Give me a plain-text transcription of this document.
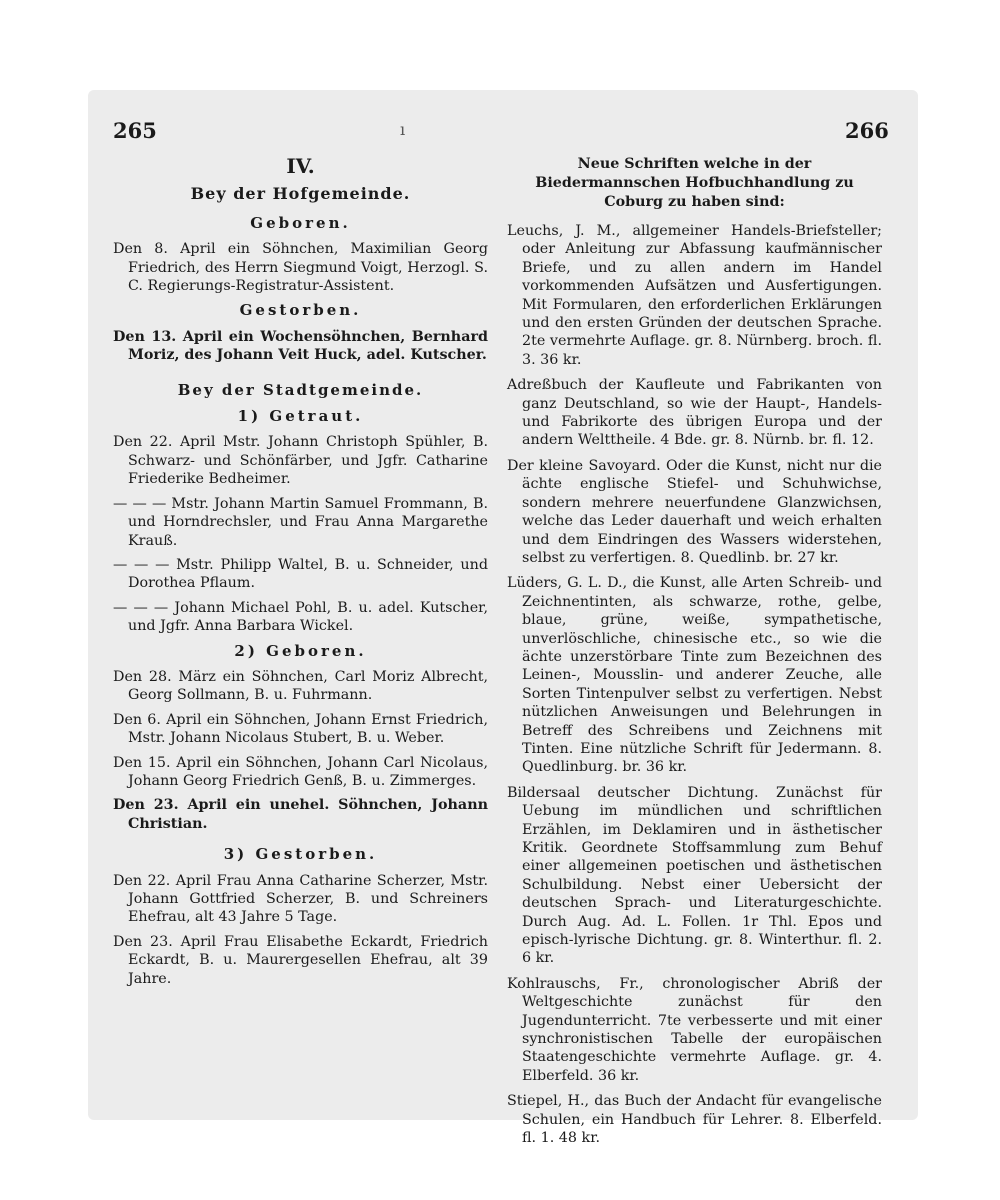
265	ı	266
IV.
Bey der Hofgemeinde.
Geboren.
Den 8. April ein Söhnchen, Maximilian Georg Friedrich, des Herrn Siegmund Voigt, Herzogl. S. C. Regierungs-Registratur-Assistent.
Gestorben.
Den 13. April ein Wochensöhnchen, Bernhard Moriz, des Johann Veit Huck, adel. Kutscher.
Bey der Stadtgemeinde.
1) Getraut.
Den 22. April Mstr. Johann Christoph Spühler, B. Schwarz- und Schönfärber, und Jgfr. Catharine Friederike Bedheimer.
— — — Mstr. Johann Martin Samuel Frommann, B. und Horndrechsler, und Frau Anna Margarethe Krauß.
— — — Mstr. Philipp Waltel, B. u. Schneider, und Dorothea Pflaum.
— — — Johann Michael Pohl, B. u. adel. Kutscher, und Jgfr. Anna Barbara Wickel.
2) Geboren.
Den 28. März ein Söhnchen, Carl Moriz Albrecht, Georg Sollmann, B. u. Fuhrmann.
Den 6. April ein Söhnchen, Johann Ernst Friedrich, Mstr. Johann Nicolaus Stubert, B. u. Weber.
Den 15. April ein Söhnchen, Johann Carl Nicolaus, Johann Georg Friedrich Genß, B. u. Zimmerges.
Den 23. April ein unehel. Söhnchen, Johann Christian.
3) Gestorben.
Den 22. April Frau Anna Catharine Scherzer, Mstr. Johann Gottfried Scherzer, B. und Schreiners Ehefrau, alt 43 Jahre 5 Tage.
Den 23. April Frau Elisabethe Eckardt, Friedrich Eckardt, B. u. Maurergesellen Ehefrau, alt 39 Jahre.
Neue Schriften welche in der Biedermannschen Hofbuchhandlung zu Coburg zu haben sind:
Leuchs, J. M., allgemeiner Handels-Briefsteller; oder Anleitung zur Abfassung kaufmännischer Briefe, und zu allen andern im Handel vorkommenden Aufsätzen und Ausfertigungen. Mit Formularen, den erforderlichen Erklärungen und den ersten Gründen der deutschen Sprache. 2te vermehrte Auflage. gr. 8. Nürnberg. broch. fl. 3. 36 kr.
Adreßbuch der Kaufleute und Fabrikanten von ganz Deutschland, so wie der Haupt-, Handels- und Fabrikorte des übrigen Europa und der andern Welttheile. 4 Bde. gr. 8. Nürnb. br. fl. 12.
Der kleine Savoyard. Oder die Kunst, nicht nur die ächte englische Stiefel- und Schuhwichse, sondern mehrere neuerfundene Glanzwichsen, welche das Leder dauerhaft und weich erhalten und dem Eindringen des Wassers widerstehen, selbst zu verfertigen. 8. Quedlinb. br. 27 kr.
Lüders, G. L. D., die Kunst, alle Arten Schreib- und Zeichnentinten, als schwarze, rothe, gelbe, blaue, grüne, weiße, sympathetische, unverlöschliche, chinesische etc., so wie die ächte unzerstörbare Tinte zum Bezeichnen des Leinen-, Mousslin- und anderer Zeuche, alle Sorten Tintenpulver selbst zu verfertigen. Nebst nützlichen Anweisungen und Belehrungen in Betreff des Schreibens und Zeichnens mit Tinten. Eine nützliche Schrift für Jedermann. 8. Quedlinburg. br. 36 kr.
Bildersaal deutscher Dichtung. Zunächst für Uebung im mündlichen und schriftlichen Erzählen, im Deklamiren und in ästhetischer Kritik. Geordnete Stoffsammlung zum Behuf einer allgemeinen poetischen und ästhetischen Schulbildung. Nebst einer Uebersicht der deutschen Sprach- und Literaturgeschichte. Durch Aug. Ad. L. Follen. 1r Thl. Epos und episch-lyrische Dichtung. gr. 8. Winterthur. fl. 2. 6 kr.
Kohlrauschs, Fr., chronologischer Abriß der Weltgeschichte zunächst für den Jugendunterricht. 7te verbesserte und mit einer synchronistischen Tabelle der europäischen Staatengeschichte vermehrte Auflage. gr. 4. Elberfeld. 36 kr.
Stiepel, H., das Buch der Andacht für evangelische Schulen, ein Handbuch für Lehrer. 8. Elberfeld. fl. 1. 48 kr.
